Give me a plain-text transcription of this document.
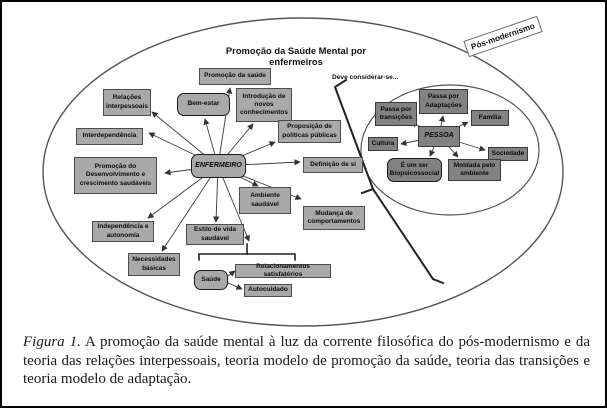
Promoção da Saúde Mental por enfermeiros
Pós-modernismo
Deve considerar-se...
ENFERMEIRO
Relações interpessoais
Interdependência
Promoção do Desenvolvimento e crescimento saudáveis
Independência e autonomia
Necessidades básicas
Estilo de vida saudável
Bem-estar
Promoção da saúde
Introdução de novos conhecimentos
Proposição de políticas públicas
Definição de si
Ambiente saudável
Mudança de comportamentos
Saúde
Relacionamentos satisfatórios
Autocuidado
PESSOA
Passa por transições
Passa por Adaptações
Família
Cultura
Sociedade
É um ser Biopsicossocial
Moldada pelo ambiente

Figura 1. A promoção da saúde mental à luz da corrente filosófica do pós-modernismo e da teoria das relações interpessoais, teoria modelo de promoção da saúde, teoria das transições e teoria modelo de adaptação.
